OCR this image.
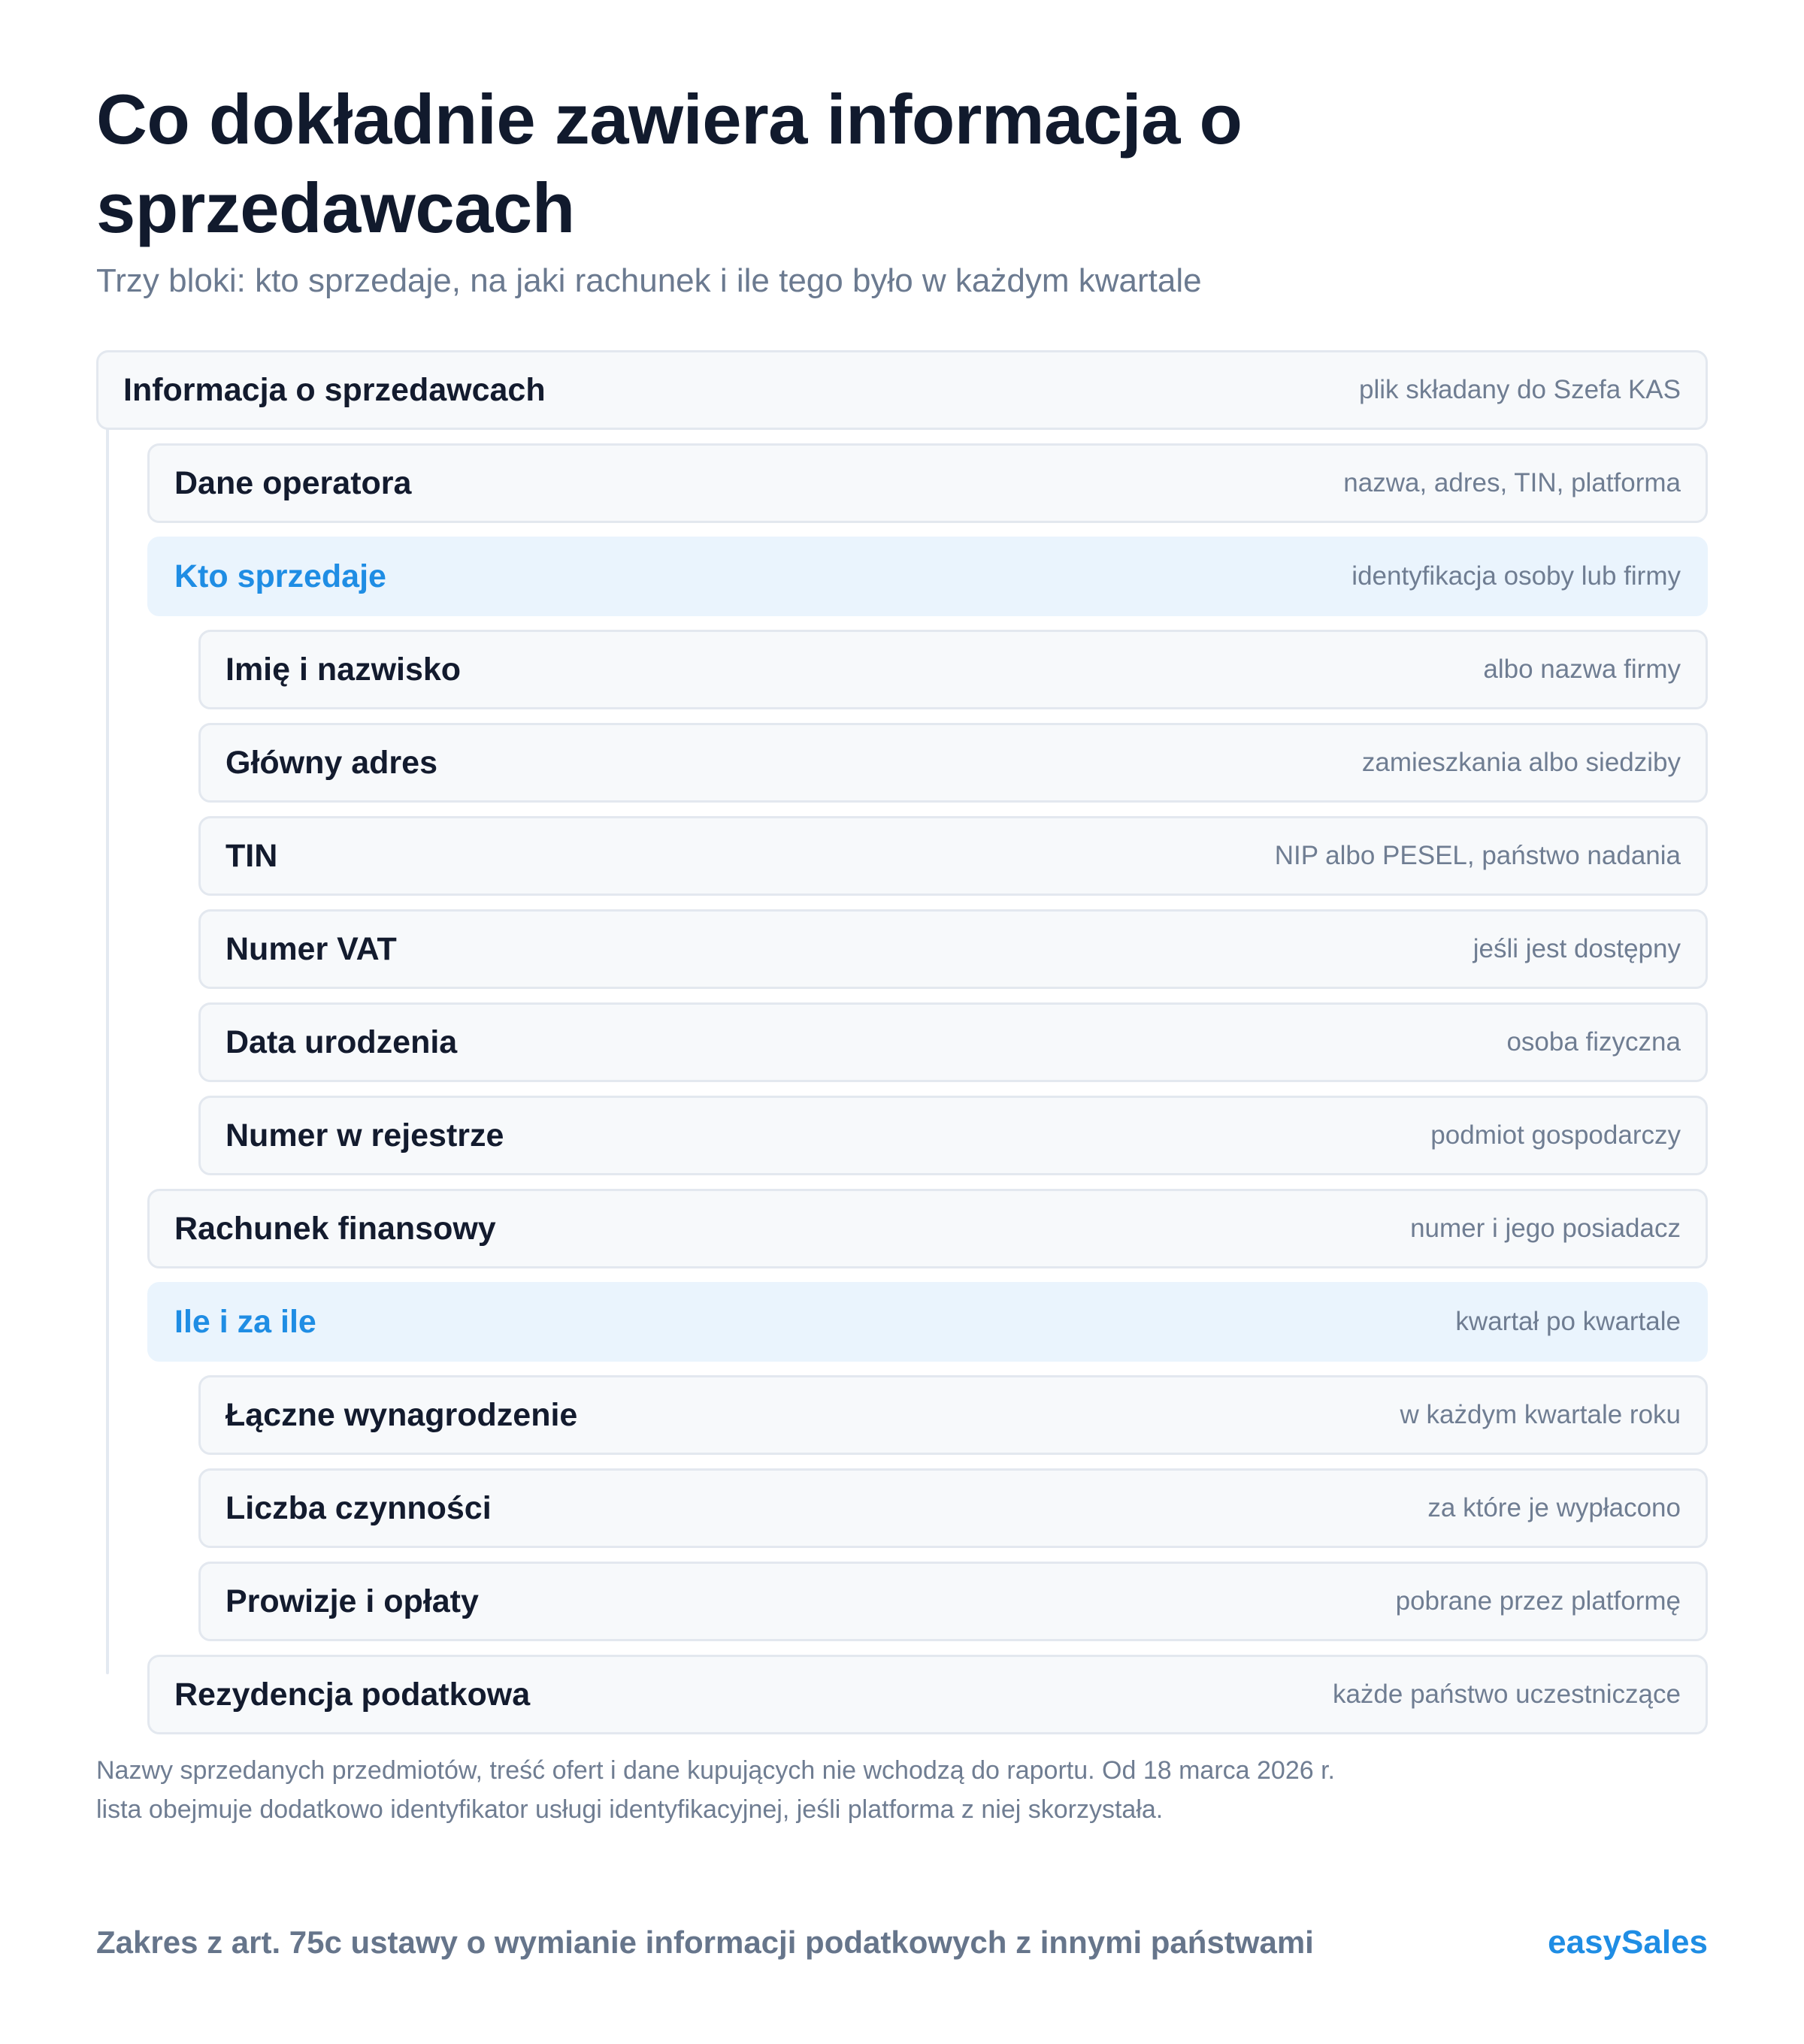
Co dokładnie zawiera informacja o sprzedawcach

Trzy bloki: kto sprzedaje, na jaki rachunek i ile tego było w każdym kwartale

Informacja o sprzedawcach	plik składany do Szefa KAS
Dane operatora	nazwa, adres, TIN, platforma
Kto sprzedaje	identyfikacja osoby lub firmy
Imię i nazwisko	albo nazwa firmy
Główny adres	zamieszkania albo siedziby
TIN	NIP albo PESEL, państwo nadania
Numer VAT	jeśli jest dostępny
Data urodzenia	osoba fizyczna
Numer w rejestrze	podmiot gospodarczy
Rachunek finansowy	numer i jego posiadacz
Ile i za ile	kwartał po kwartale
Łączne wynagrodzenie	w każdym kwartale roku
Liczba czynności	za które je wypłacono
Prowizje i opłaty	pobrane przez platformę
Rezydencja podatkowa	każde państwo uczestniczące

Nazwy sprzedanych przedmiotów, treść ofert i dane kupujących nie wchodzą do raportu. Od 18 marca 2026 r. lista obejmuje dodatkowo identyfikator usługi identyfikacyjnej, jeśli platforma z niej skorzystała.

Zakres z art. 75c ustawy o wymianie informacji podatkowych z innymi państwami	easySales
